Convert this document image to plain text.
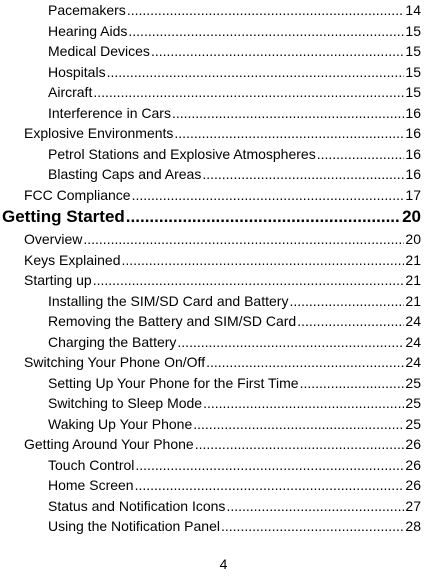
Pacemakers .....	14
Hearing Aids .....	15
Medical Devices .....	15
Hospitals .....	15
Aircraft .....	15
Interference in Cars .....	16
Explosive Environments .....	16
Petrol Stations and Explosive Atmospheres .....	16
Blasting Caps and Areas .....	16
FCC Compliance .....	17
Getting Started .....	20
Overview .....	20
Keys Explained .....	21
Starting up .....	21
Installing the SIM/SD Card and Battery .....	21
Removing the Battery and SIM/SD Card .....	24
Charging the Battery .....	24
Switching Your Phone On/Off .....	24
Setting Up Your Phone for the First Time .....	25
Switching to Sleep Mode .....	25
Waking Up Your Phone .....	25
Getting Around Your Phone .....	26
Touch Control .....	26
Home Screen .....	26
Status and Notification Icons .....	27
Using the Notification Panel .....	28
4
